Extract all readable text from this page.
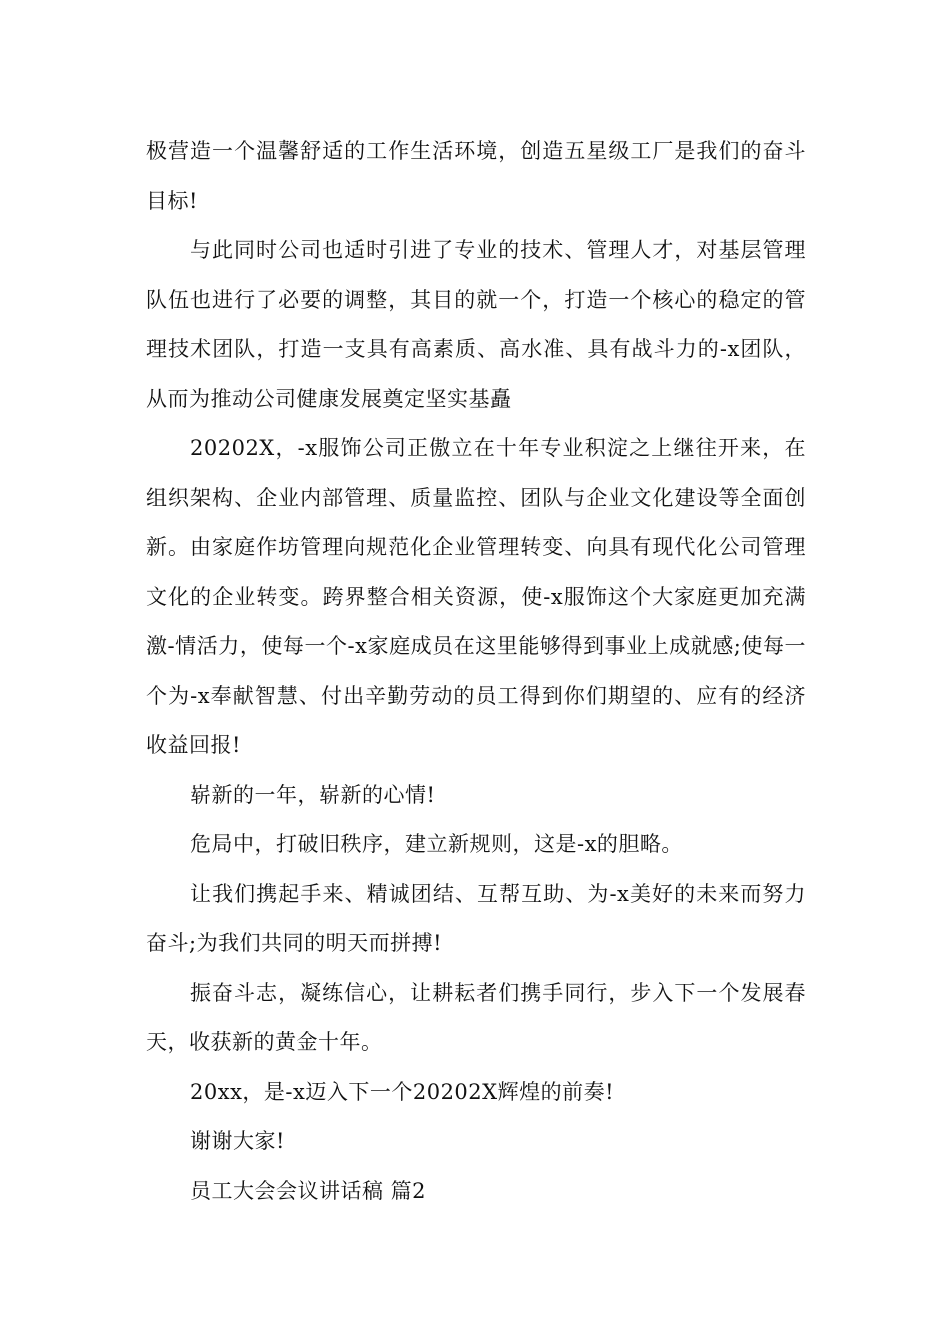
极营造一个温馨舒适的工作生活环境，创造五星级工厂是我们的奋斗目标!

与此同时公司也适时引进了专业的技术、管理人才，对基层管理队伍也进行了必要的调整，其目的就一个，打造一个核心的稳定的管理技术团队，打造一支具有高素质、高水准、具有战斗力的-x团队，从而为推动公司健康发展奠定坚实基矗

20202X，-x服饰公司正傲立在十年专业积淀之上继往开来，在组织架构、企业内部管理、质量监控、团队与企业文化建设等全面创新。由家庭作坊管理向规范化企业管理转变、向具有现代化公司管理文化的企业转变。跨界整合相关资源，使-x服饰这个大家庭更加充满激-情活力，使每一个-x家庭成员在这里能够得到事业上成就感;使每一个为-x奉献智慧、付出辛勤劳动的员工得到你们期望的、应有的经济收益回报!

崭新的一年，崭新的心情!

危局中，打破旧秩序，建立新规则，这是-x的胆略。

让我们携起手来、精诚团结、互帮互助、为-x美好的未来而努力奋斗;为我们共同的明天而拼搏!

振奋斗志，凝练信心，让耕耘者们携手同行，步入下一个发展春天，收获新的黄金十年。

20xx，是-x迈入下一个20202X辉煌的前奏!

谢谢大家!

员工大会会议讲话稿 篇2
